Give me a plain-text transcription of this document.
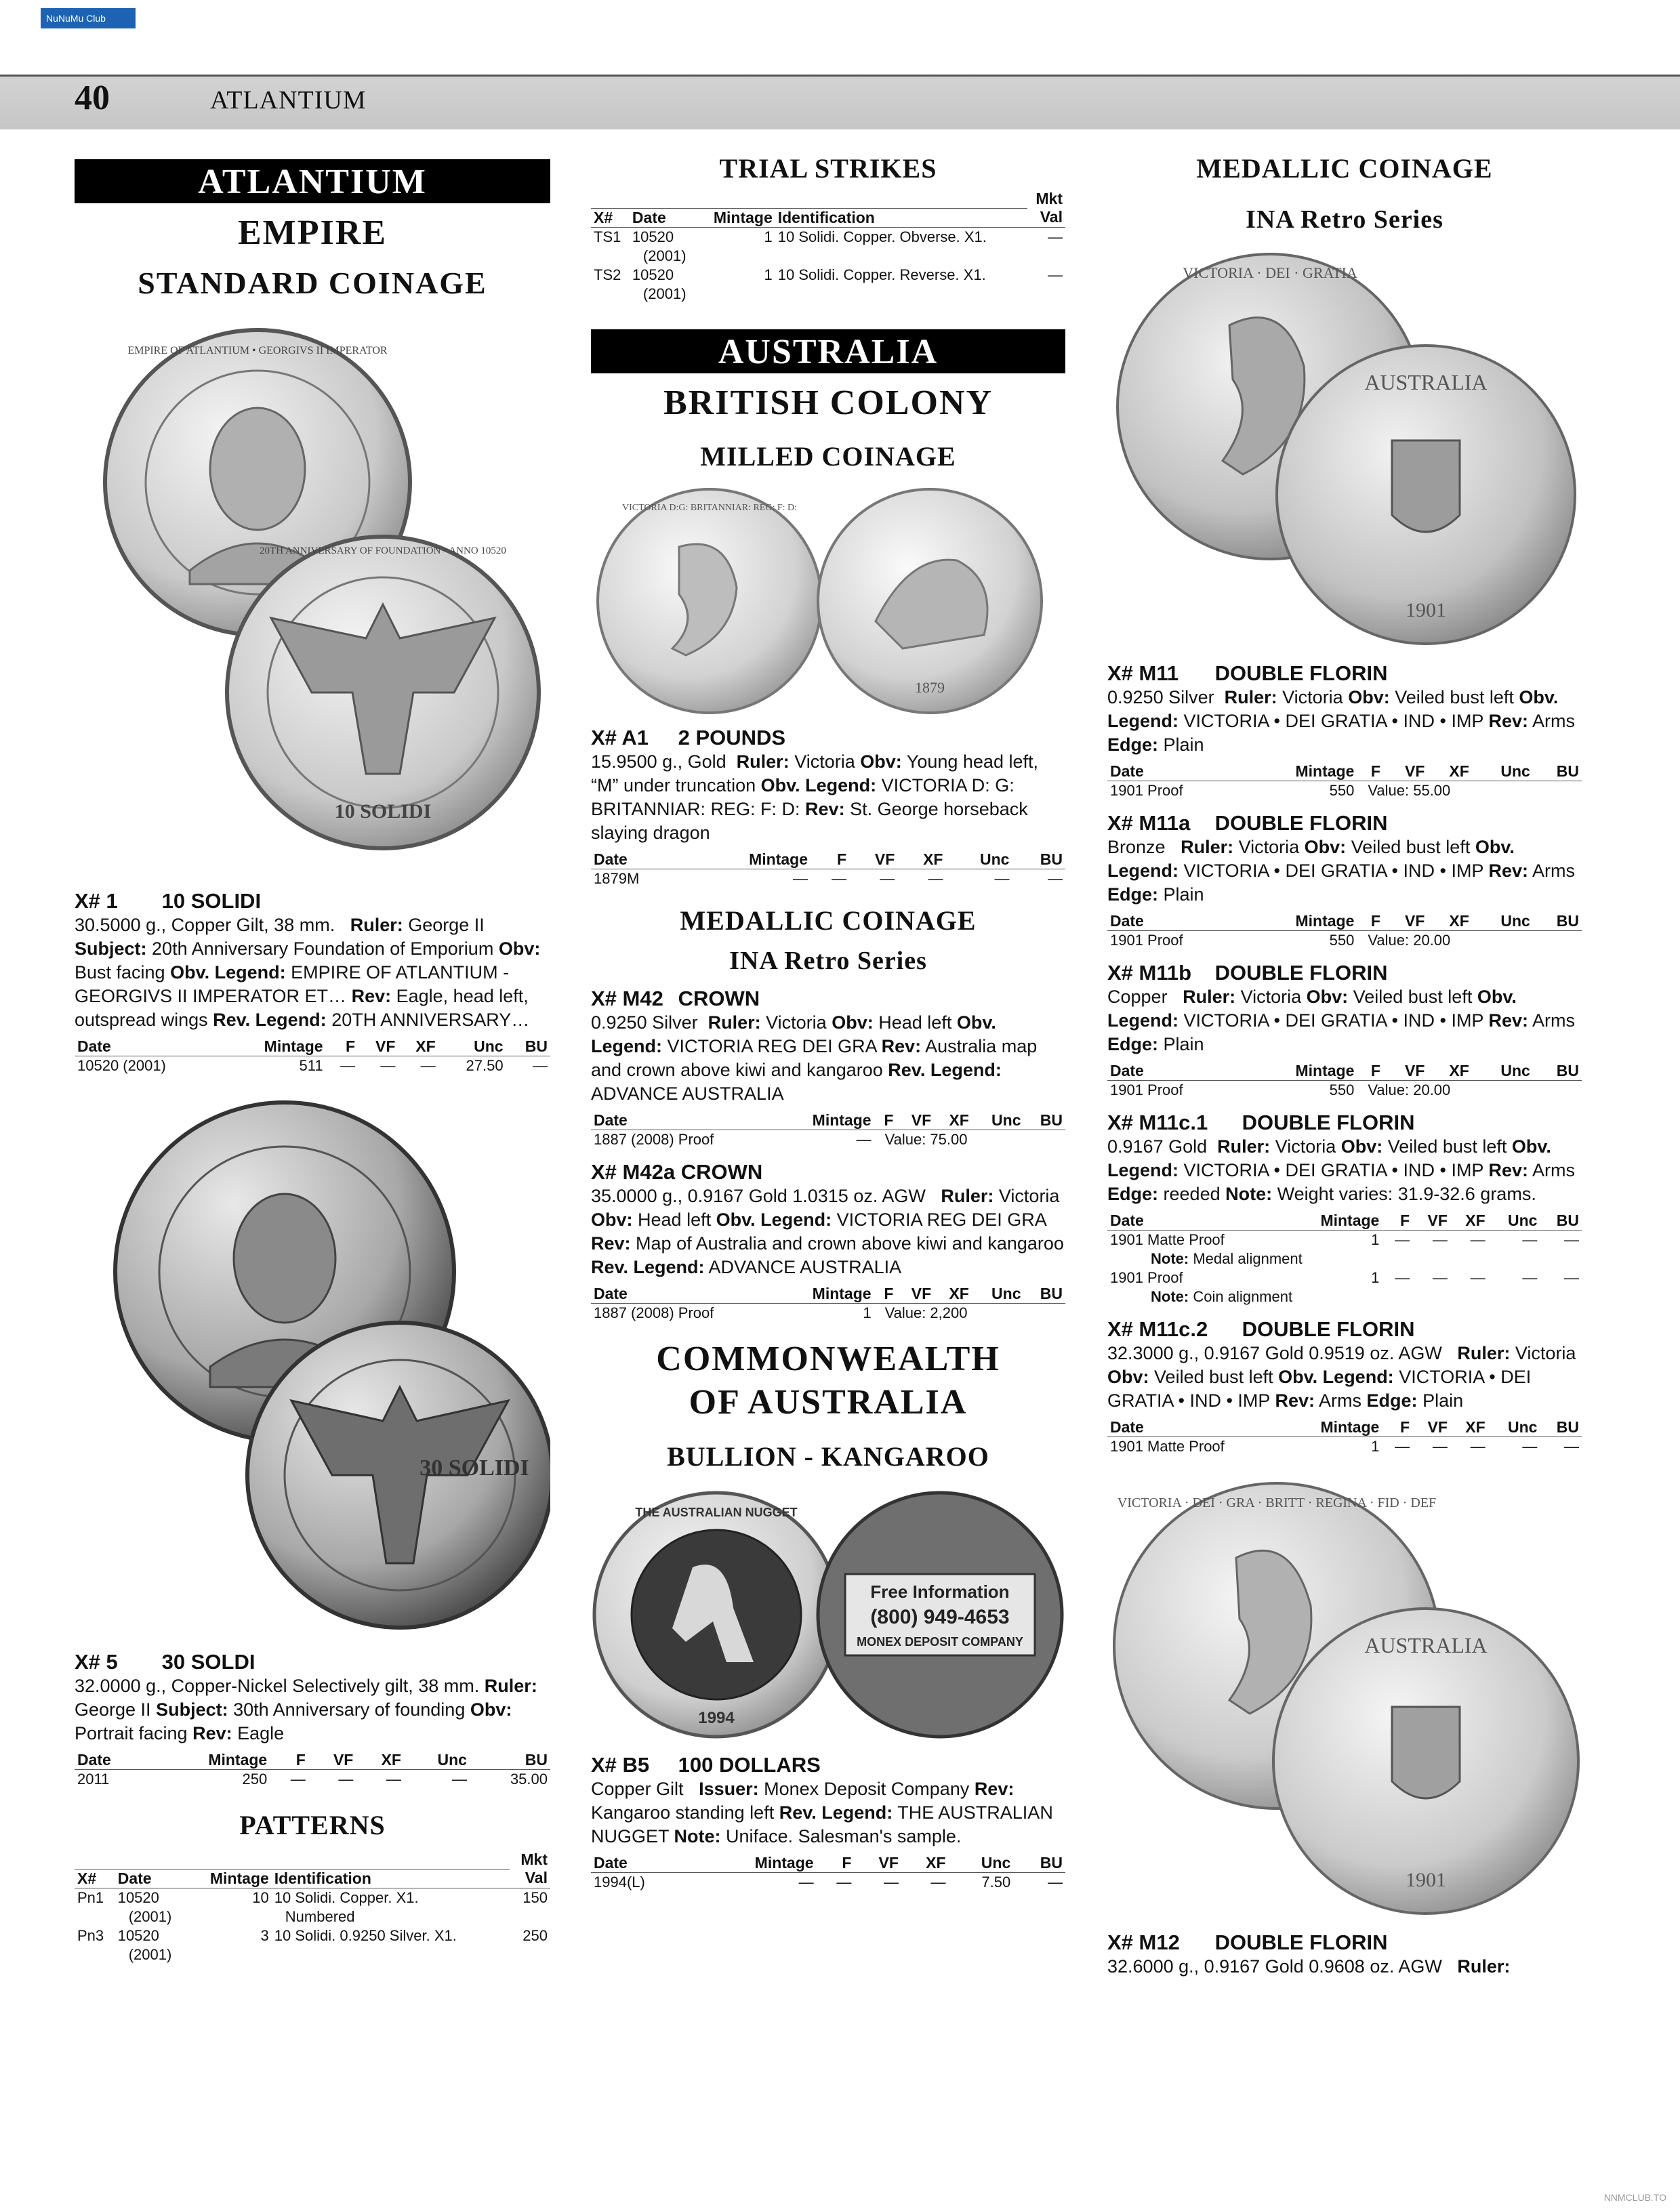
NuNuMu Club
40	ATLANTIUM
ATLANTIUM
EMPIRE
STANDARD COINAGE
10 SOLIDI
EMPIRE OF ATLANTIUM • GEORGIVS II IMPERATOR
20TH ANNIVERSARY OF FOUNDATION • ANNO 10520
X# 1 10 SOLIDI
30.5000 g., Copper Gilt, 38 mm. Ruler: George II Subject: 20th Anniversary Foundation of Emporium Obv: Bust facing Obv. Legend: EMPIRE OF ATLANTIUM - GEORGIVS II IMPERATOR ET… Rev: Eagle, head left, outspread wings Rev. Legend: 20TH ANNIVERSARY…
Date	Mintage	F	VF	XF	Unc	BU
10520 (2001)	511	—	—	—	27.50	—
30 SOLIDI
X# 5 30 SOLDI
32.0000 g., Copper-Nickel Selectively gilt, 38 mm. Ruler: George II Subject: 30th Anniversary of founding Obv: Portrait facing Rev: Eagle
Date	Mintage	F	VF	XF	Unc	BU
2011	250	—	—	—	—	35.00
PATTERNS
				Mkt
X#	Date	Mintage	Identification	Val
Pn1	10520	10	10 Solidi. Copper. X1.	150
	(2001)		Numbered	
Pn3	10520	3	10 Solidi. 0.9250 Silver. X1.	250
	(2001)			
TRIAL STRIKES
				Mkt
X#	Date	Mintage	Identification	Val
TS1	10520	1	10 Solidi. Copper. Obverse. X1.	—
	(2001)			
TS2	10520	1	10 Solidi. Copper. Reverse. X1.	—
	(2001)			
AUSTRALIA
BRITISH COLONY
MILLED COINAGE
VICTORIA D:G: BRITANNIAR: REG: F: D:
1879
X# A1 2 POUNDS
15.9500 g., Gold Ruler: Victoria Obv: Young head left, “M” under truncation Obv. Legend: VICTORIA D: G: BRITANNIAR: REG: F: D: Rev: St. George horseback slaying dragon
Date	Mintage	F	VF	XF	Unc	BU
1879M	—	—	—	—	—	—
MEDALLIC COINAGE
INA Retro Series
X# M42 CROWN
0.9250 Silver Ruler: Victoria Obv: Head left Obv. Legend: VICTORIA REG DEI GRA Rev: Australia map and crown above kiwi and kangaroo Rev. Legend: ADVANCE AUSTRALIA
Date	Mintage	F	VF	XF	Unc	BU
1887 (2008) Proof	—	Value: 75.00				
X# M42a CROWN
35.0000 g., 0.9167 Gold 1.0315 oz. AGW Ruler: Victoria Obv: Head left Obv. Legend: VICTORIA REG DEI GRA Rev: Map of Australia and crown above kiwi and kangaroo Rev. Legend: ADVANCE AUSTRALIA
Date	Mintage	F	VF	XF	Unc	BU
1887 (2008) Proof	1	Value: 2,200				
COMMONWEALTH
OF AUSTRALIA
BULLION - KANGAROO
THE AUSTRALIAN NUGGET
1994
Free Information
(800) 949-4653
MONEX DEPOSIT COMPANY
X# B5 100 DOLLARS
Copper Gilt Issuer: Monex Deposit Company Rev: Kangaroo standing left Rev. Legend: THE AUSTRALIAN NUGGET Note: Uniface. Salesman's sample.
Date	Mintage	F	VF	XF	Unc	BU
1994(L)	—	—	—	—	7.50	—
MEDALLIC COINAGE
INA Retro Series
VICTORIA · DEI · GRATIA
AUSTRALIA
1901
X# M11 DOUBLE FLORIN
0.9250 Silver Ruler: Victoria Obv: Veiled bust left Obv. Legend: VICTORIA • DEI GRATIA • IND • IMP Rev: Arms Edge: Plain
Date	Mintage	F	VF	XF	Unc	BU
1901 Proof	550	Value: 55.00				
X# M11a DOUBLE FLORIN
Bronze Ruler: Victoria Obv: Veiled bust left Obv. Legend: VICTORIA • DEI GRATIA • IND • IMP Rev: Arms Edge: Plain
Date	Mintage	F	VF	XF	Unc	BU
1901 Proof	550	Value: 20.00				
X# M11b DOUBLE FLORIN
Copper Ruler: Victoria Obv: Veiled bust left Obv. Legend: VICTORIA • DEI GRATIA • IND • IMP Rev: Arms Edge: Plain
Date	Mintage	F	VF	XF	Unc	BU
1901 Proof	550	Value: 20.00				
X# M11c.1 DOUBLE FLORIN
0.9167 Gold Ruler: Victoria Obv: Veiled bust left Obv. Legend: VICTORIA • DEI GRATIA • IND • IMP Rev: Arms Edge: reeded Note: Weight varies: 31.9-32.6 grams.
Date	Mintage	F	VF	XF	Unc	BU
1901 Matte Proof	1	—	—	—	—	—
Note: Medal alignment						
1901 Proof	1	—	—	—	—	—
Note: Coin alignment						
X# M11c.2 DOUBLE FLORIN
32.3000 g., 0.9167 Gold 0.9519 oz. AGW Ruler: Victoria Obv: Veiled bust left Obv. Legend: VICTORIA • DEI GRATIA • IND • IMP Rev: Arms Edge: Plain
Date	Mintage	F	VF	XF	Unc	BU
1901 Matte Proof	1	—	—	—	—	—
VICTORIA · DEI · GRA · BRITT · REGINA · FID · DEF
AUSTRALIA
1901
X# M12 DOUBLE FLORIN
32.6000 g., 0.9167 Gold 0.9608 oz. AGW Ruler:
NNMCLUB.TO
